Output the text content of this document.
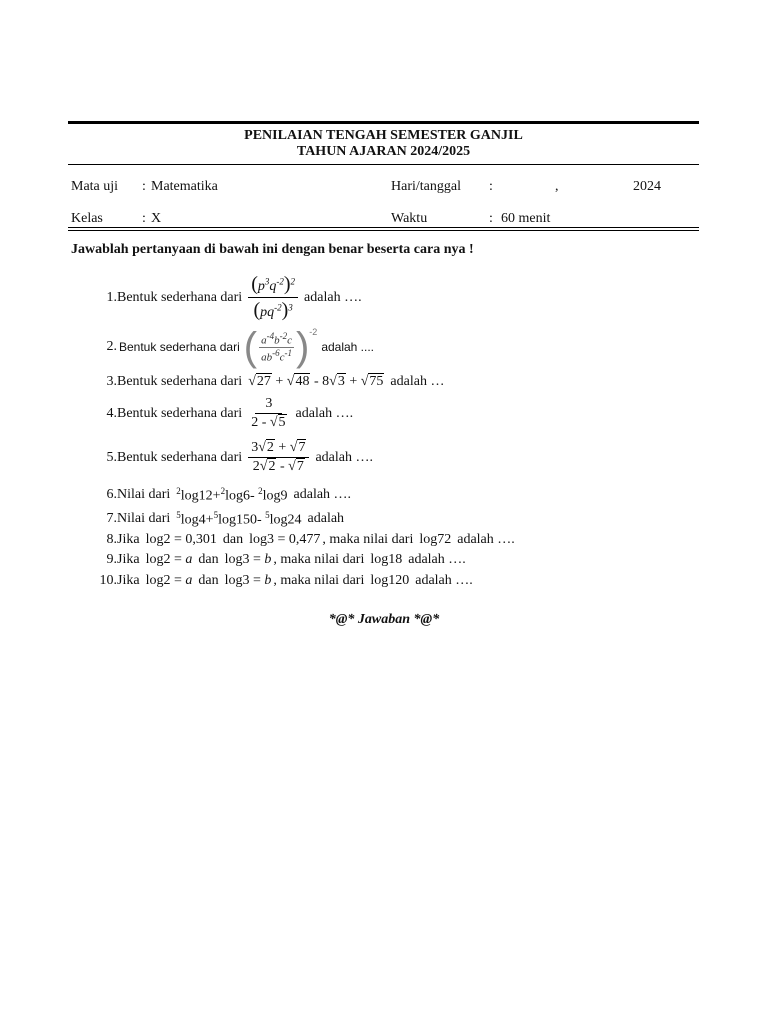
PENILAIAN TENGAH SEMESTER GANJIL
TAHUN AJARAN 2024/2025
Mata uji : Matematika	Hari/tanggal :	,	2024
Kelas	: X	Waktu	: 60 menit
Jawablah pertanyaan di bawah ini dengan benar beserta cara nya !
1. Bentuk sederhana dari $\frac{(p^3q^{-2})^2}{(pq^{-2})^3}$ adalah ….
2. Bentuk sederhana dari ( $\frac{a^{-4}b^{-2}c}{ab^{-6}c^{-1}} )^{-2}$
adalah ....
3. Bentuk sederhana dari √27 + √48 - 8√3 + √75 adalah …
4. Bentuk sederhana dari $\frac{3}{2 - √5}$ adalah ….
5. Bentuk sederhana dari $\frac{3√2 + √7}{2√2 - √7}$ adalah ….
6. Nilai dari $^2$log12+$^2$log6- $^2$log9 adalah ….
7. Nilai dari $^5$log4+$^5$log150- $^5$log24 adalah
8. Jika log2 = 0,301 dan log3 = 0,477 , maka nilai dari log72 adalah ….
9. Jika log2 = a dan log3 = b , maka nilai dari log18 adalah ….
10. Jika log2 = a dan log3 = b , maka nilai dari log120 adalah ….
*@* Jawaban *@*
